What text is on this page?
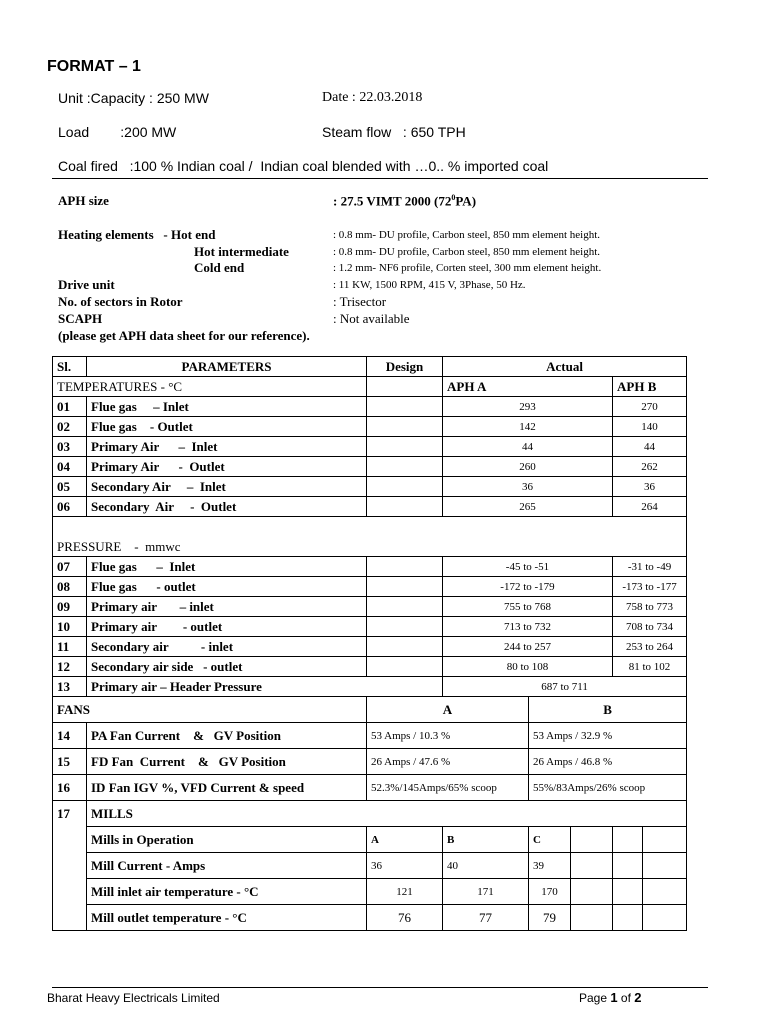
FORMAT – 1
Unit :Capacity : 250 MW	Date : 22.03.2018
Load        :200 MW	Steam flow   : 650 TPH
Coal fired   :100 % Indian coal /  Indian coal blended with …0.. % imported coal
APH size	: 27.5 VIMT 2000 $(72^0PA)$
Heating elements   - Hot end	: 0.8 mm- DU profile, Carbon steel, 850 mm element height.
Hot intermediate	: 0.8 mm- DU profile, Carbon steel, 850 mm element height.
Cold end	: 1.2 mm- NF6 profile, Corten steel, 300 mm element height.
Drive unit	: 11 KW, 1500 RPM, 415 V, 3Phase, 50 Hz.
No. of sectors in Rotor	: Trisector
SCAPH	: Not available
(please get APH data sheet for our reference).
Sl.	PARAMETERS	Design	Actual				
TEMPERATURES - °C			APH A			APH B	
01	Flue gas     – Inlet		293			270	
02	Flue gas    - Outlet		142			140	
03	Primary Air      –  Inlet		44			44	
04	Primary Air      -  Outlet		260			262	
05	Secondary Air     –  Inlet		36			36	
06	Secondary  Air     -  Outlet		265			264	

PRESSURE    -  mmwc							
07	Flue gas      –  Inlet		-45 to -51			-31 to -49	
08	Flue gas      - outlet		-172 to -179			-173 to -177	
09	Primary air       – inlet		755 to 768			758 to 773	
10	Primary air        - outlet		713 to 732			708 to 734	
11	Secondary air          - inlet		244 to 257			253 to 264	
12	Secondary air side   - outlet		80 to 108			81 to 102	
13	Primary air – Header Pressure		687 to 711				
FANS		A		B			
14	PA Fan Current    &   GV Position	53 Amps / 10.3 %		53 Amps / 32.9 %			
15	FD Fan  Current    &   GV Position	26 Amps / 47.6 %		26 Amps / 46.8 %			
16	ID Fan IGV %, VFD Current & speed	52.3%/145Amps/65% scoop		55%/83Amps/26% scoop			
17	MILLS						
	Mills in Operation	A	B	C			
	Mill Current - Amps	36	40	39			
	Mill inlet air temperature - °C	121	171	170			
	Mill outlet temperature - °C	76	77	79			
Bharat Heavy Electricals Limited	Page 1 of 2
